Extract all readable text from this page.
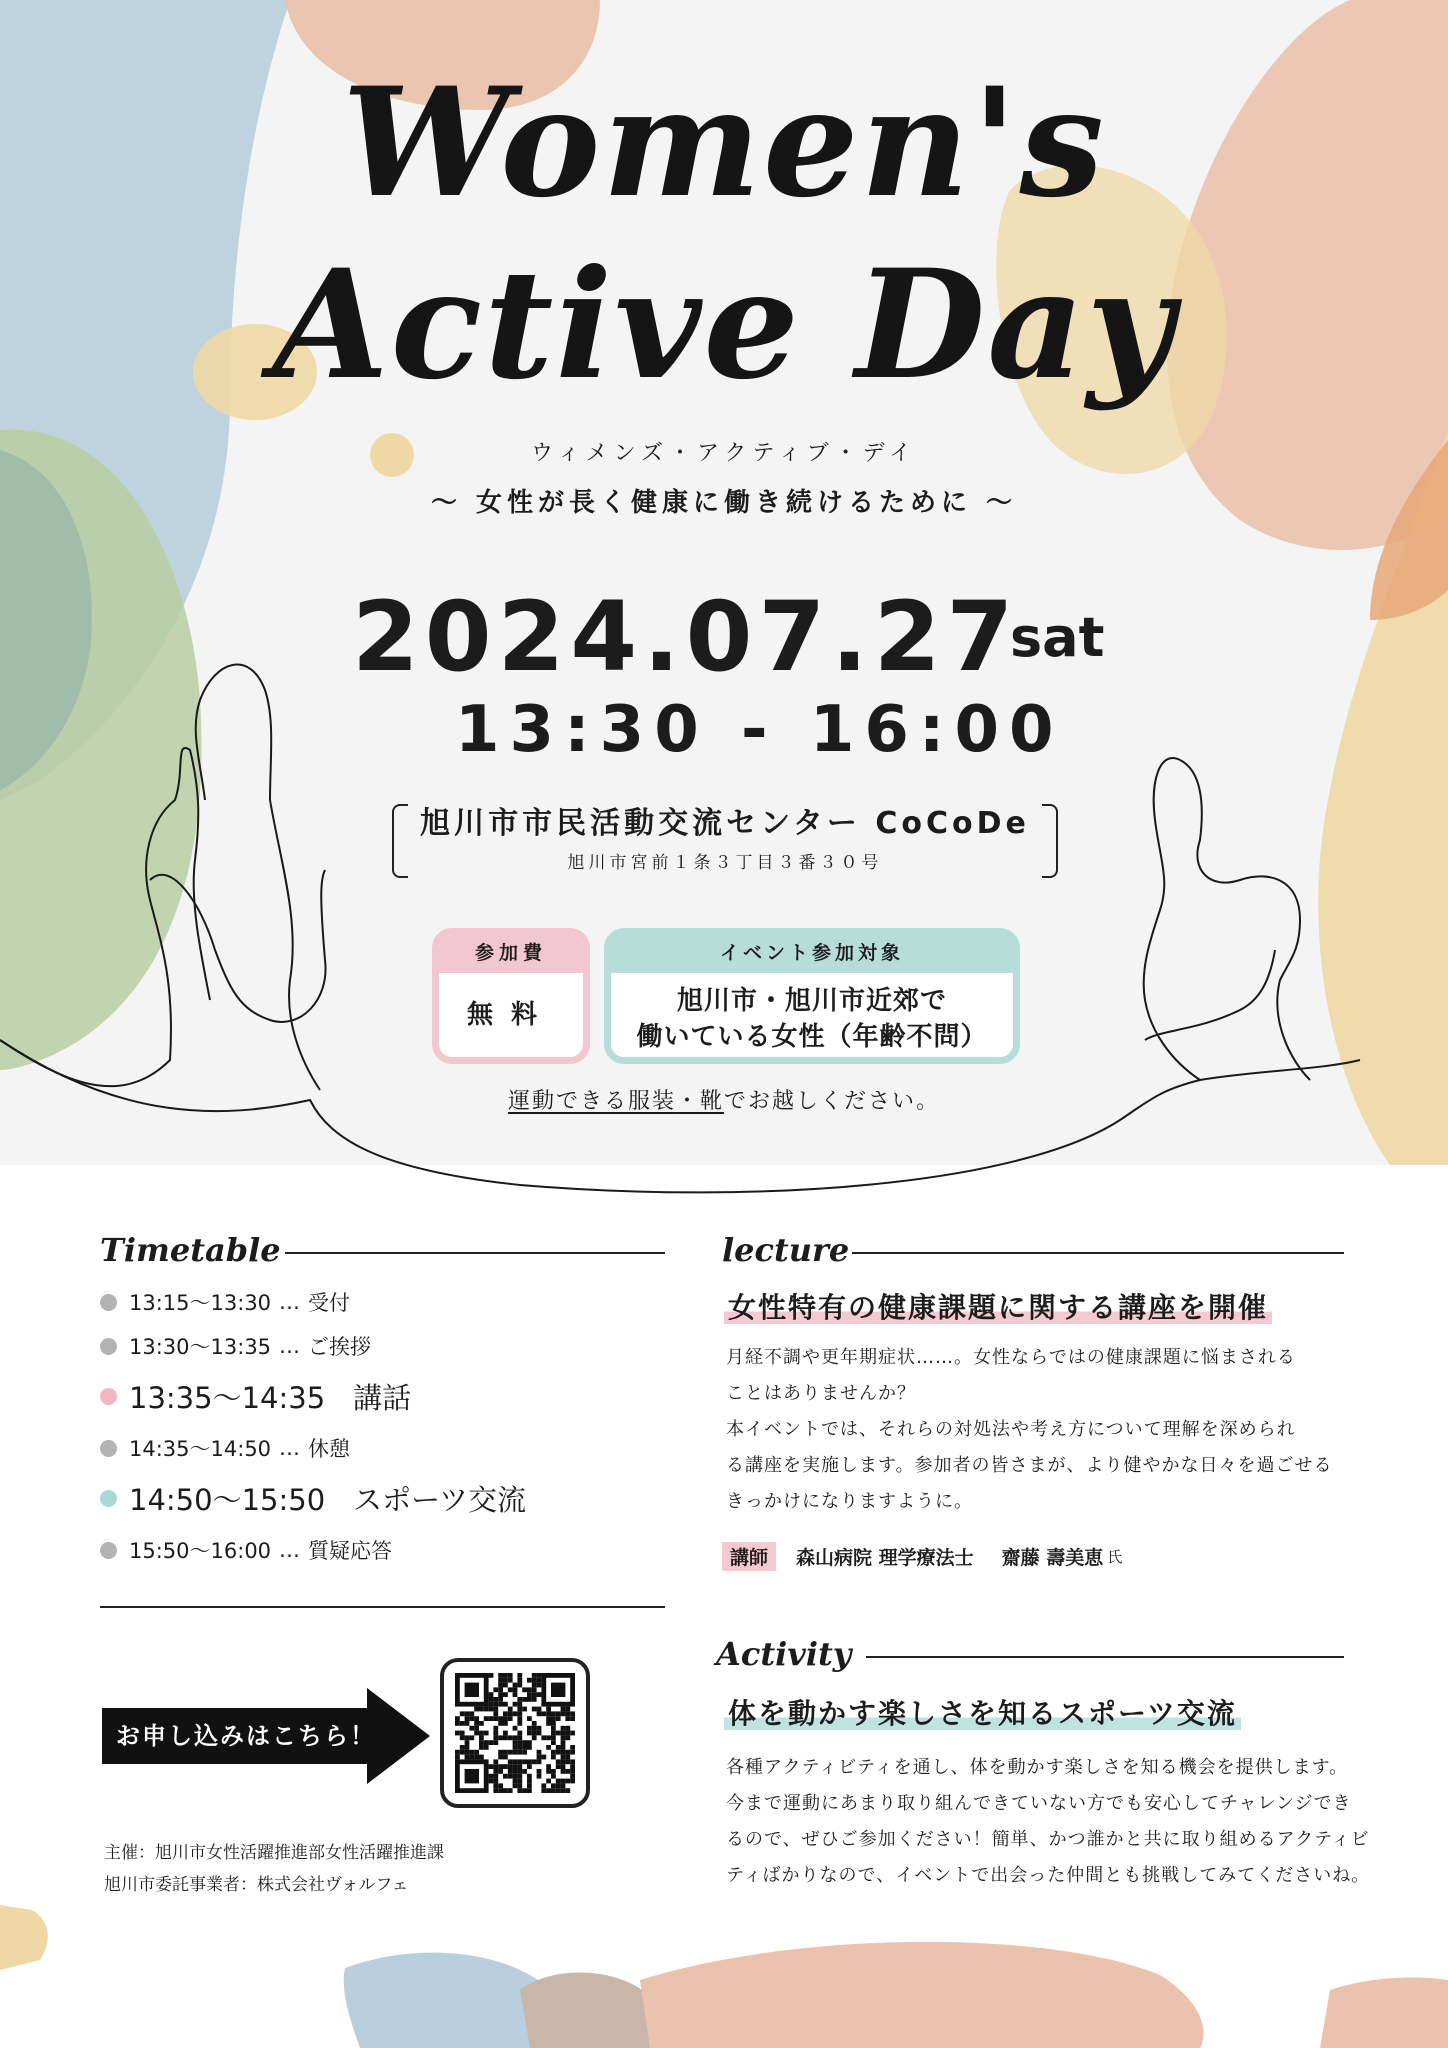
Women's
Active Day
ウィメンズ・アクティブ・デイ
〜 女性が長く健康に働き続けるために 〜
2024.07.27
sat
13:30 - 16:00
旭川市市民活動交流センター CoCoDe
旭川市宮前１条３丁目３番３０号
参加費
無料
イベント参加対象
旭川市・旭川市近郊で
働いている女性（年齢不問）
運動できる服装・靴でお越しください。
Timetable
13:15〜13:30 … 受付
13:30〜13:35 … ご挨拶
13:35〜14:35 講話
14:35〜14:50 … 休憩
14:50〜15:50 スポーツ交流
15:50〜16:00 … 質疑応答
お申し込みはこちら！
主催：旭川市女性活躍推進部女性活躍推進課
旭川市委託事業者：株式会社ヴォルフェ
lecture
女性特有の健康課題に関する講座を開催
月経不調や更年期症状……。女性ならではの健康課題に悩まされる
ことはありませんか？
本イベントでは、それらの対処法や考え方について理解を深められ
る講座を実施します。参加者の皆さまが、より健やかな日々を過ごせる
きっかけになりますように。
講師	森山病院 理学療法士 齋藤 壽美恵 氏
Activity
体を動かす楽しさを知るスポーツ交流
各種アクティビティを通し、体を動かす楽しさを知る機会を提供します。
今まで運動にあまり取り組んできていない方でも安心してチャレンジでき
るので、ぜひご参加ください！簡単、かつ誰かと共に取り組めるアクティビ
ティばかりなので、イベントで出会った仲間とも挑戦してみてくださいね。
